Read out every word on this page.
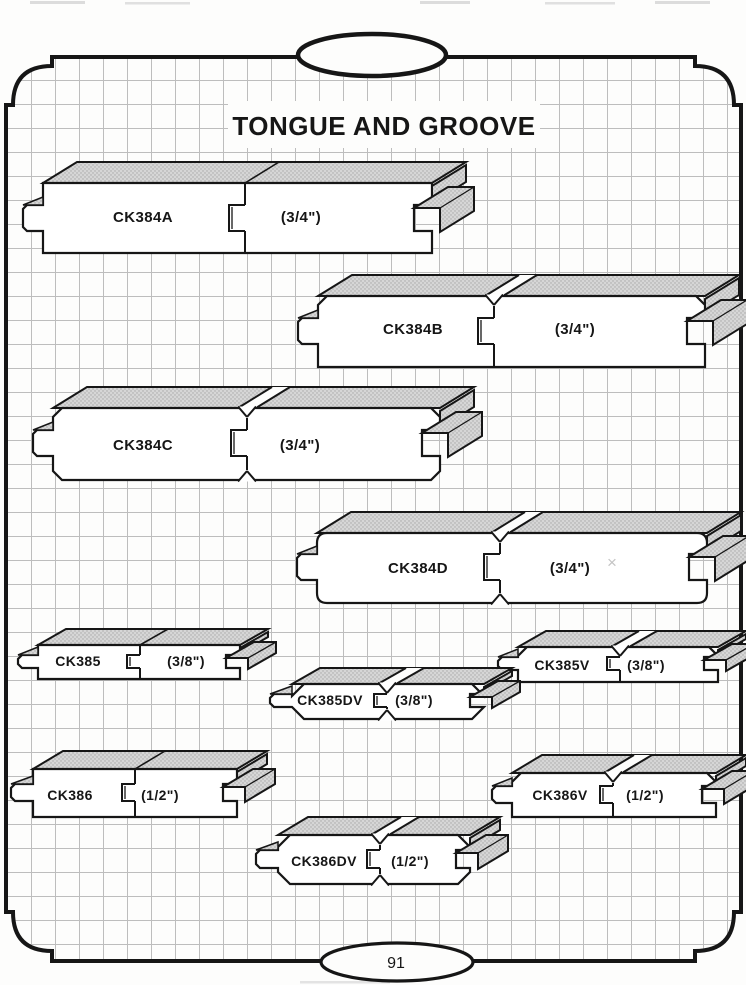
TONGUE AND GROOVE
CK384A	(3/4")
CK384B	(3/4")
CK384C	(3/4")
CK384D	(3/4")
CK385	(3/8")	CK385V	(3/8")
CK385DV (3/8")
CK386	(1/2")	CK386V	(1/2")
CK386DV (1/2")
×
91
